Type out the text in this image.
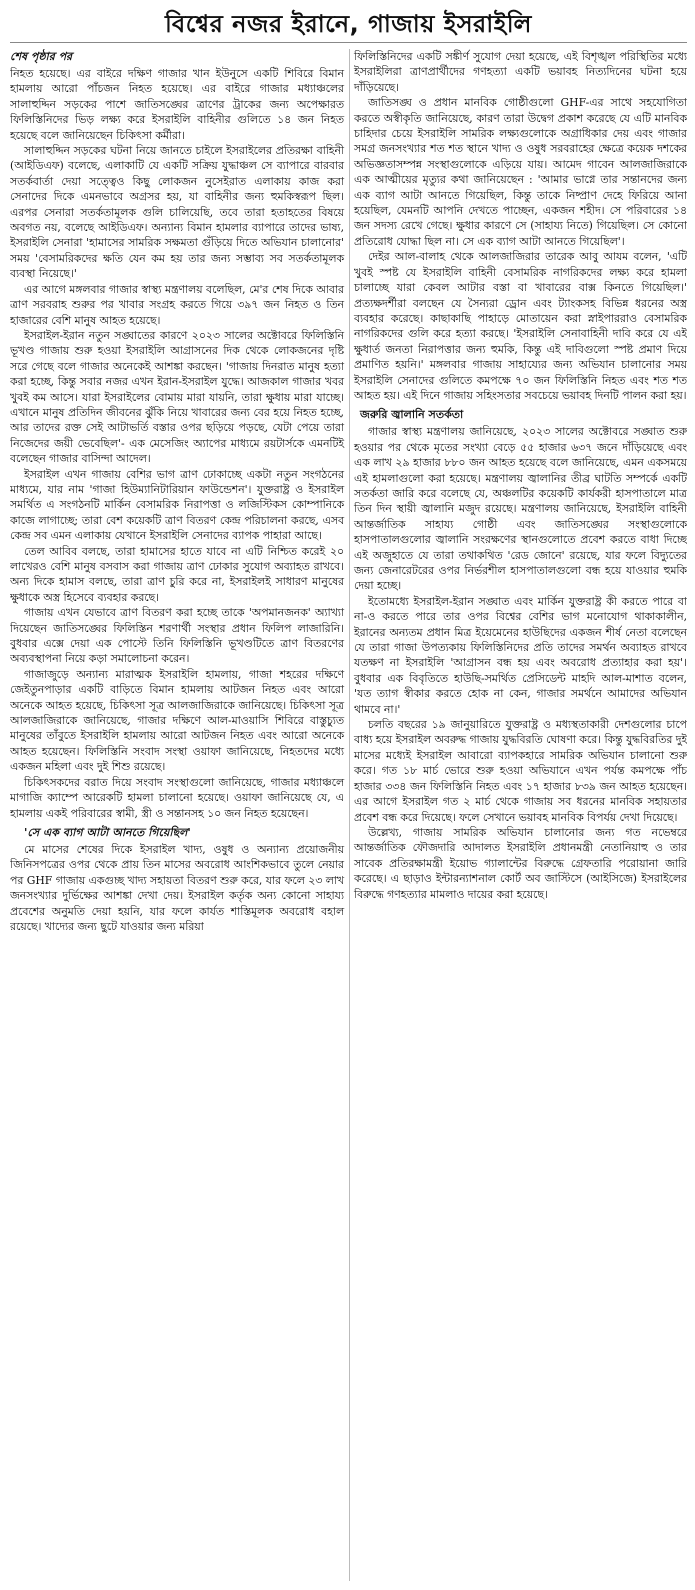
বিশ্বের নজর ইরানে, গাজায় ইসরাইলি
শেষ পৃষ্ঠার পর

নিহত হয়েছে। এর বাইরে দক্ষিণ গাজার খান ইউনুসে একটি শিবিরে বিমান হামলায় আরো পাঁচজন নিহত হয়েছে। এর বাইরে গাজার মধ্যাঞ্চলের সালাহুদ্দিন সড়কের পাশে জাতিসঙ্ঘের ত্রাণের ট্রাকের জন্য অপেক্ষারত ফিলিস্তিনিদের ভিড় লক্ষ্য করে ইসরাইলি বাহিনীর গুলিতে ১৪ জন নিহত হয়েছে বলে জানিয়েছেন চিকিৎসা কর্মীরা।

সালাহুদ্দিন সড়কের ঘটনা নিয়ে জানতে চাইলে ইসরাইলের প্রতিরক্ষা বাহিনী (আইডিএফ) বলেছে, এলাকাটি যে একটি সক্রিয় যুদ্ধাঞ্চল সে ব্যাপারে বারবার সতর্কবার্তা দেয়া সত্ত্বেও কিছু লোকজন নুসেইরাত এলাকায় কাজ করা সেনাদের দিকে এমনভাবে অগ্রসর হয়, যা বাহিনীর জন্য হুমকিস্বরূপ ছিল। এরপর সেনারা সতর্কতামূলক গুলি চালিয়েছি, তবে তারা হতাহতের বিষয়ে অবগত নয়, বলেছে আইডিএফ। অন্যান্য বিমান হামলার ব্যাপারে তাদের ভাষ্য, ইসরাইলি সেনারা 'হামাসের সামরিক সক্ষমতা গুঁড়িয়ে দিতে অভিযান চালানোর' সময় 'বেসামরিকদের ক্ষতি যেন কম হয় তার জন্য সম্ভাব্য সব সতর্কতামূলক ব্যবস্থা নিয়েছে।'

এর আগে মঙ্গলবার গাজার স্বাস্থ্য মন্ত্রণালয় বলেছিল, মে'র শেষ দিকে আবার ত্রাণ সরবরাহ শুরুর পর খাবার সংগ্রহ করতে গিয়ে ৩৯৭ জন নিহত ও তিন হাজারের বেশি মানুষ আহত হয়েছে।

ইসরাইল-ইরান নতুন সঙ্ঘাতের কারণে ২০২৩ সালের অক্টোবরে ফিলিস্তিনি ভূখণ্ড গাজায় শুরু হওয়া ইসরাইলি আগ্রাসনের দিক থেকে লোকজনের দৃষ্টি সরে গেছে বলে গাজার অনেকেই আশঙ্কা করছেন। 'গাজায় দিনরাত মানুষ হত্যা করা হচ্ছে, কিন্তু সবার নজর এখন ইরান-ইসরাইল যুদ্ধে। আজকাল গাজার খবর খুবই কম আসে। যারা ইসরাইলের বোমায় মারা যায়নি, তারা ক্ষুধায় মারা যাচ্ছে। এখানে মানুষ প্রতিদিন জীবনের ঝুঁকি নিয়ে খাবারের জন্য বের হয়ে নিহত হচ্ছে, আর তাদের রক্ত সেই আটাভর্তি বস্তার ওপর ছড়িয়ে পড়ছে, যেটা পেয়ে তারা নিজেদের জয়ী ভেবেছিল'- এক মেসেজিং অ্যাপের মাধ্যমে রয়টার্সকে এমনটিই বলেছেন গাজার বাসিন্দা আদেল।

ইসরাইল এখন গাজায় বেশির ভাগ ত্রাণ ঢোকাচ্ছে একটা নতুন সংগঠনের মাধ্যমে, যার নাম 'গাজা হিউম্যানিটারিয়ান ফাউন্ডেশন'। যুক্তরাষ্ট্র ও ইসরাইল সমর্থিত এ সংগঠনটি মার্কিন বেসামরিক নিরাপত্তা ও লজিস্টিকস কোম্পানিকে কাজে লাগাচ্ছে; তারা বেশ কয়েকটি ত্রাণ বিতরণ কেন্দ্র পরিচালনা করছে, এসব কেন্দ্র সব এমন এলাকায় যেখানে ইসরাইলি সেনাদের ব্যাপক পাহারা আছে।

তেল আবিব বলছে, তারা হামাসের হাতে যাবে না এটি নিশ্চিত করেই ২০ লাখেরও বেশি মানুষ বসবাস করা গাজায় ত্রাণ ঢোকার সুযোগ অব্যাহত রাখবে। অন্য দিকে হামাস বলছে, তারা ত্রাণ চুরি করে না, ইসরাইলই সাধারণ মানুষের ক্ষুধাকে অস্ত্র হিসেবে ব্যবহার করছে।

গাজায় এখন যেভাবে ত্রাণ বিতরণ করা হচ্ছে তাকে 'অপমানজনক' অ্যাখ্যা দিয়েছেন জাতিসঙ্ঘের ফিলিস্তিন শরণার্থী সংস্থার প্রধান ফিলিপ লাজারিনি। বুধবার এক্সে দেয়া এক পোস্টে তিনি ফিলিস্তিনি ভূখণ্ডটিতে ত্রাণ বিতরণের অব্যবস্থাপনা নিয়ে কড়া সমালোচনা করেন।

গাজাজুড়ে অন্যান্য মারাত্মক ইসরাইলি হামলায়, গাজা শহরের দক্ষিণে জেইতুনপাড়ার একটি বাড়িতে বিমান হামলায় আটজন নিহত এবং আরো অনেকে আহত হয়েছে, চিকিৎসা সূত্র আলজাজিরাকে জানিয়েছে। চিকিৎসা সূত্র আলজাজিরাকে জানিয়েছে, গাজার দক্ষিণে আল-মাওয়াসি শিবিরে বাস্তুচ্যুত মানুষের তাঁবুতে ইসরাইলি হামলায় আরো আটজন নিহত এবং আরো অনেকে আহত হয়েছেন। ফিলিস্তিনি সংবাদ সংস্থা ওয়াফা জানিয়েছে, নিহতদের মধ্যে একজন মহিলা এবং দুই শিশু রয়েছে।

চিকিৎসকদের বরাত দিয়ে সংবাদ সংস্থাগুলো জানিয়েছে, গাজার মধ্যাঞ্চলে মাগাজি ক্যাম্পে আরেকটি হামলা চালানো হয়েছে। ওয়াফা জানিয়েছে যে, এ হামলায় একই পরিবারের স্বামী, স্ত্রী ও সন্তানসহ ১০ জন নিহত হয়েছেন।

'সে এক ব্যাগ আটা আনতে গিয়েছিল'

মে মাসের শেষের দিকে ইসরাইল খাদ্য, ওষুধ ও অন্যান্য প্রয়োজনীয় জিনিসপত্রের ওপর থেকে প্রায় তিন মাসের অবরোধ আংশিকভাবে তুলে নেয়ার পর GHF গাজায় একগুচ্ছ খাদ্য সহায়তা বিতরণ শুরু করে, যার ফলে ২৩ লাখ জনসংখ্যার দুর্ভিক্ষের আশঙ্কা দেখা দেয়। ইসরাইল কর্তৃক অন্য কোনো সাহায্য প্রবেশের অনুমতি দেয়া হয়নি, যার ফলে কার্যত শাস্তিমূলক অবরোধ বহাল রয়েছে। খাদ্যের জন্য ছুটে যাওয়ার জন্য মরিয়া

ফিলিস্তিনিদের একটি সঙ্কীর্ণ সুযোগ দেয়া হয়েছে, এই বিশৃঙ্খল পরিস্থিতির মধ্যে ইসরাইলিরা ত্রাণপ্রার্থীদের গণহত্যা একটি ভয়াবহ নিত্যদিনের ঘটনা হয়ে দাঁড়িয়েছে।

জাতিসঙ্ঘ ও প্রধান মানবিক গোষ্ঠীগুলো GHF-এর সাথে সহযোগিতা করতে অস্বীকৃতি জানিয়েছে, কারণ তারা উদ্বেগ প্রকাশ করেছে যে এটি মানবিক চাহিদার চেয়ে ইসরাইলি সামরিক লক্ষ্যগুলোকে অগ্রাধিকার দেয় এবং গাজার সমগ্র জনসংখ্যার শত শত স্থানে খাদ্য ও ওষুধ সরবরাহের ক্ষেত্রে কয়েক দশকের অভিজ্ঞতাসম্পন্ন সংস্থাগুলোকে এড়িয়ে যায়। আমেদ গাবেন আলজাজিরাকে এক আত্মীয়ের মৃত্যুর কথা জানিয়েছেন : 'আমার ভাগ্নে তার সন্তানদের জন্য এক ব্যাগ আটা আনতে গিয়েছিল, কিন্তু তাকে নিষ্প্রাণ দেহে ফিরিয়ে আনা হয়েছিল, যেমনটি আপনি দেখতে পাচ্ছেন, একজন শহীদ। সে পরিবারের ১৪ জন সদস্য রেখে গেছে। ক্ষুধার কারণে সে (সাহায্য নিতে) গিয়েছিল। সে কোনো প্রতিরোধ যোদ্ধা ছিল না। সে এক ব্যাগ আটা আনতে গিয়েছিল'।

দেইর আল-বালাহ থেকে আলজাজিরার তারেক আবু আযম বলেন, 'এটি খুবই স্পষ্ট যে ইসরাইলি বাহিনী বেসামরিক নাগরিকদের লক্ষ্য করে হামলা চালাচ্ছে যারা কেবল আটার বস্তা বা খাবারের বাক্স কিনতে গিয়েছিল।' প্রত্যক্ষদর্শীরা বলছেন যে সৈন্যরা ড্রোন এবং ট্যাংকসহ বিভিন্ন ধরনের অস্ত্র ব্যবহার করেছে। কাছাকাছি পাহাড়ে মোতায়েন করা স্নাইপাররাও বেসামরিক নাগরিকদের গুলি করে হত্যা করছে। 'ইসরাইলি সেনাবাহিনী দাবি করে যে এই ক্ষুধার্ত জনতা নিরাপত্তার জন্য হুমকি, কিন্তু এই দাবিগুলো স্পষ্ট প্রমাণ দিয়ে প্রমাণিত হয়নি।' মঙ্গলবার গাজায় সাহায্যের জন্য অভিযান চালানোর সময় ইসরাইলি সেনাদের গুলিতে কমপক্ষে ৭০ জন ফিলিস্তিনি নিহত এবং শত শত আহত হয়। এই দিনে গাজায় সহিংসতার সবচেয়ে ভয়াবহ দিনটি পালন করা হয়।

জরুরি জ্বালানি সতর্কতা

গাজার স্বাস্থ্য মন্ত্রণালয় জানিয়েছে, ২০২৩ সালের অক্টোবরে সঙ্ঘাত শুরু হওয়ার পর থেকে মৃতের সংখ্যা বেড়ে ৫৫ হাজার ৬৩৭ জনে দাঁড়িয়েছে এবং এক লাখ ২৯ হাজার ৮৮০ জন আহত হয়েছে বলে জানিয়েছে, এমন একসময়ে এই হামলাগুলো করা হয়েছে। মন্ত্রণালয় জ্বালানির তীব্র ঘাটতি সম্পর্কে একটি সতর্কতা জারি করে বলেছে যে, অঞ্চলটির কয়েকটি কার্যকরী হাসপাতালে মাত্র তিন দিন স্থায়ী জ্বালানি মজুদ রয়েছে। মন্ত্রণালয় জানিয়েছে, ইসরাইলি বাহিনী আন্তর্জাতিক সাহায্য গোষ্ঠী এবং জাতিসঙ্ঘের সংস্থাগুলোকে হাসপাতালগুলোর জ্বালানি সংরক্ষণের স্থানগুলোতে প্রবেশ করতে বাধা দিচ্ছে এই অজুহাতে যে তারা তথাকথিত 'রেড জোনে' রয়েছে, যার ফলে বিদ্যুতের জন্য জেনারেটরের ওপর নির্ভরশীল হাসপাতালগুলো বন্ধ হয়ে যাওয়ার হুমকি দেয়া হচ্ছে।

ইতোমধ্যে ইসরাইল-ইরান সঙ্ঘাত এবং মার্কিন যুক্তরাষ্ট্র কী করতে পারে বা না-ও করতে পারে তার ওপর বিশ্বের বেশির ভাগ মনোযোগ থাকাকালীন, ইরানের অন্যতম প্রধান মিত্র ইয়েমেনের হাউছিদের একজন শীর্ষ নেতা বলেছেন যে তারা গাজা উপত্যকায় ফিলিস্তিনিদের প্রতি তাদের সমর্থন অব্যাহত রাখবে যতক্ষণ না ইসরাইলি 'আগ্রাসন বন্ধ হয় এবং অবরোধ প্রত্যাহার করা হয়'। বুধবার এক বিবৃতিতে হাউছি-সমর্থিত প্রেসিডেন্ট মাহদি আল-মাশাত বলেন, 'যত ত্যাগ স্বীকার করতে হোক না কেন, গাজার সমর্থনে আমাদের অভিযান থামবে না।'

চলতি বছরের ১৯ জানুয়ারিতে যুক্তরাষ্ট্র ও মধ্যস্থতাকারী দেশগুলোর চাপে বাধ্য হয়ে ইসরাইল অবরুদ্ধ গাজায় যুদ্ধবিরতি ঘোষণা করে। কিন্তু যুদ্ধবিরতির দুই মাসের মধ্যেই ইসরাইল আবারো ব্যাপকহারে সামরিক অভিযান চালানো শুরু করে। গত ১৮ মার্চ ভোরে শুরু হওয়া অভিযানে এখন পর্যন্ত কমপক্ষে পাঁচ হাজার ৩৩৪ জন ফিলিস্তিনি নিহত এবং ১৭ হাজার ৮৩৯ জন আহত হয়েছেন। এর আগে ইসরাইল গত ২ মার্চ থেকে গাজায় সব ধরনের মানবিক সহায়তার প্রবেশ বন্ধ করে দিয়েছে। ফলে সেখানে ভয়াবহ মানবিক বিপর্যয় দেখা দিয়েছে।

উল্লেখ্য, গাজায় সামরিক অভিযান চালানোর জন্য গত নভেম্বরে আন্তর্জাতিক ফৌজদারি আদালত ইসরাইলি প্রধানমন্ত্রী নেতানিয়াহু ও তার সাবেক প্রতিরক্ষামন্ত্রী ইয়োভ গ্যালান্টের বিরুদ্ধে গ্রেফতারি পরোয়ানা জারি করেছে। এ ছাড়াও ইন্টারন্যাশনাল কোর্ট অব জাস্টিসে (আইসিজে) ইসরাইলের বিরুদ্ধে গণহত্যার মামলাও দায়ের করা হয়েছে।
